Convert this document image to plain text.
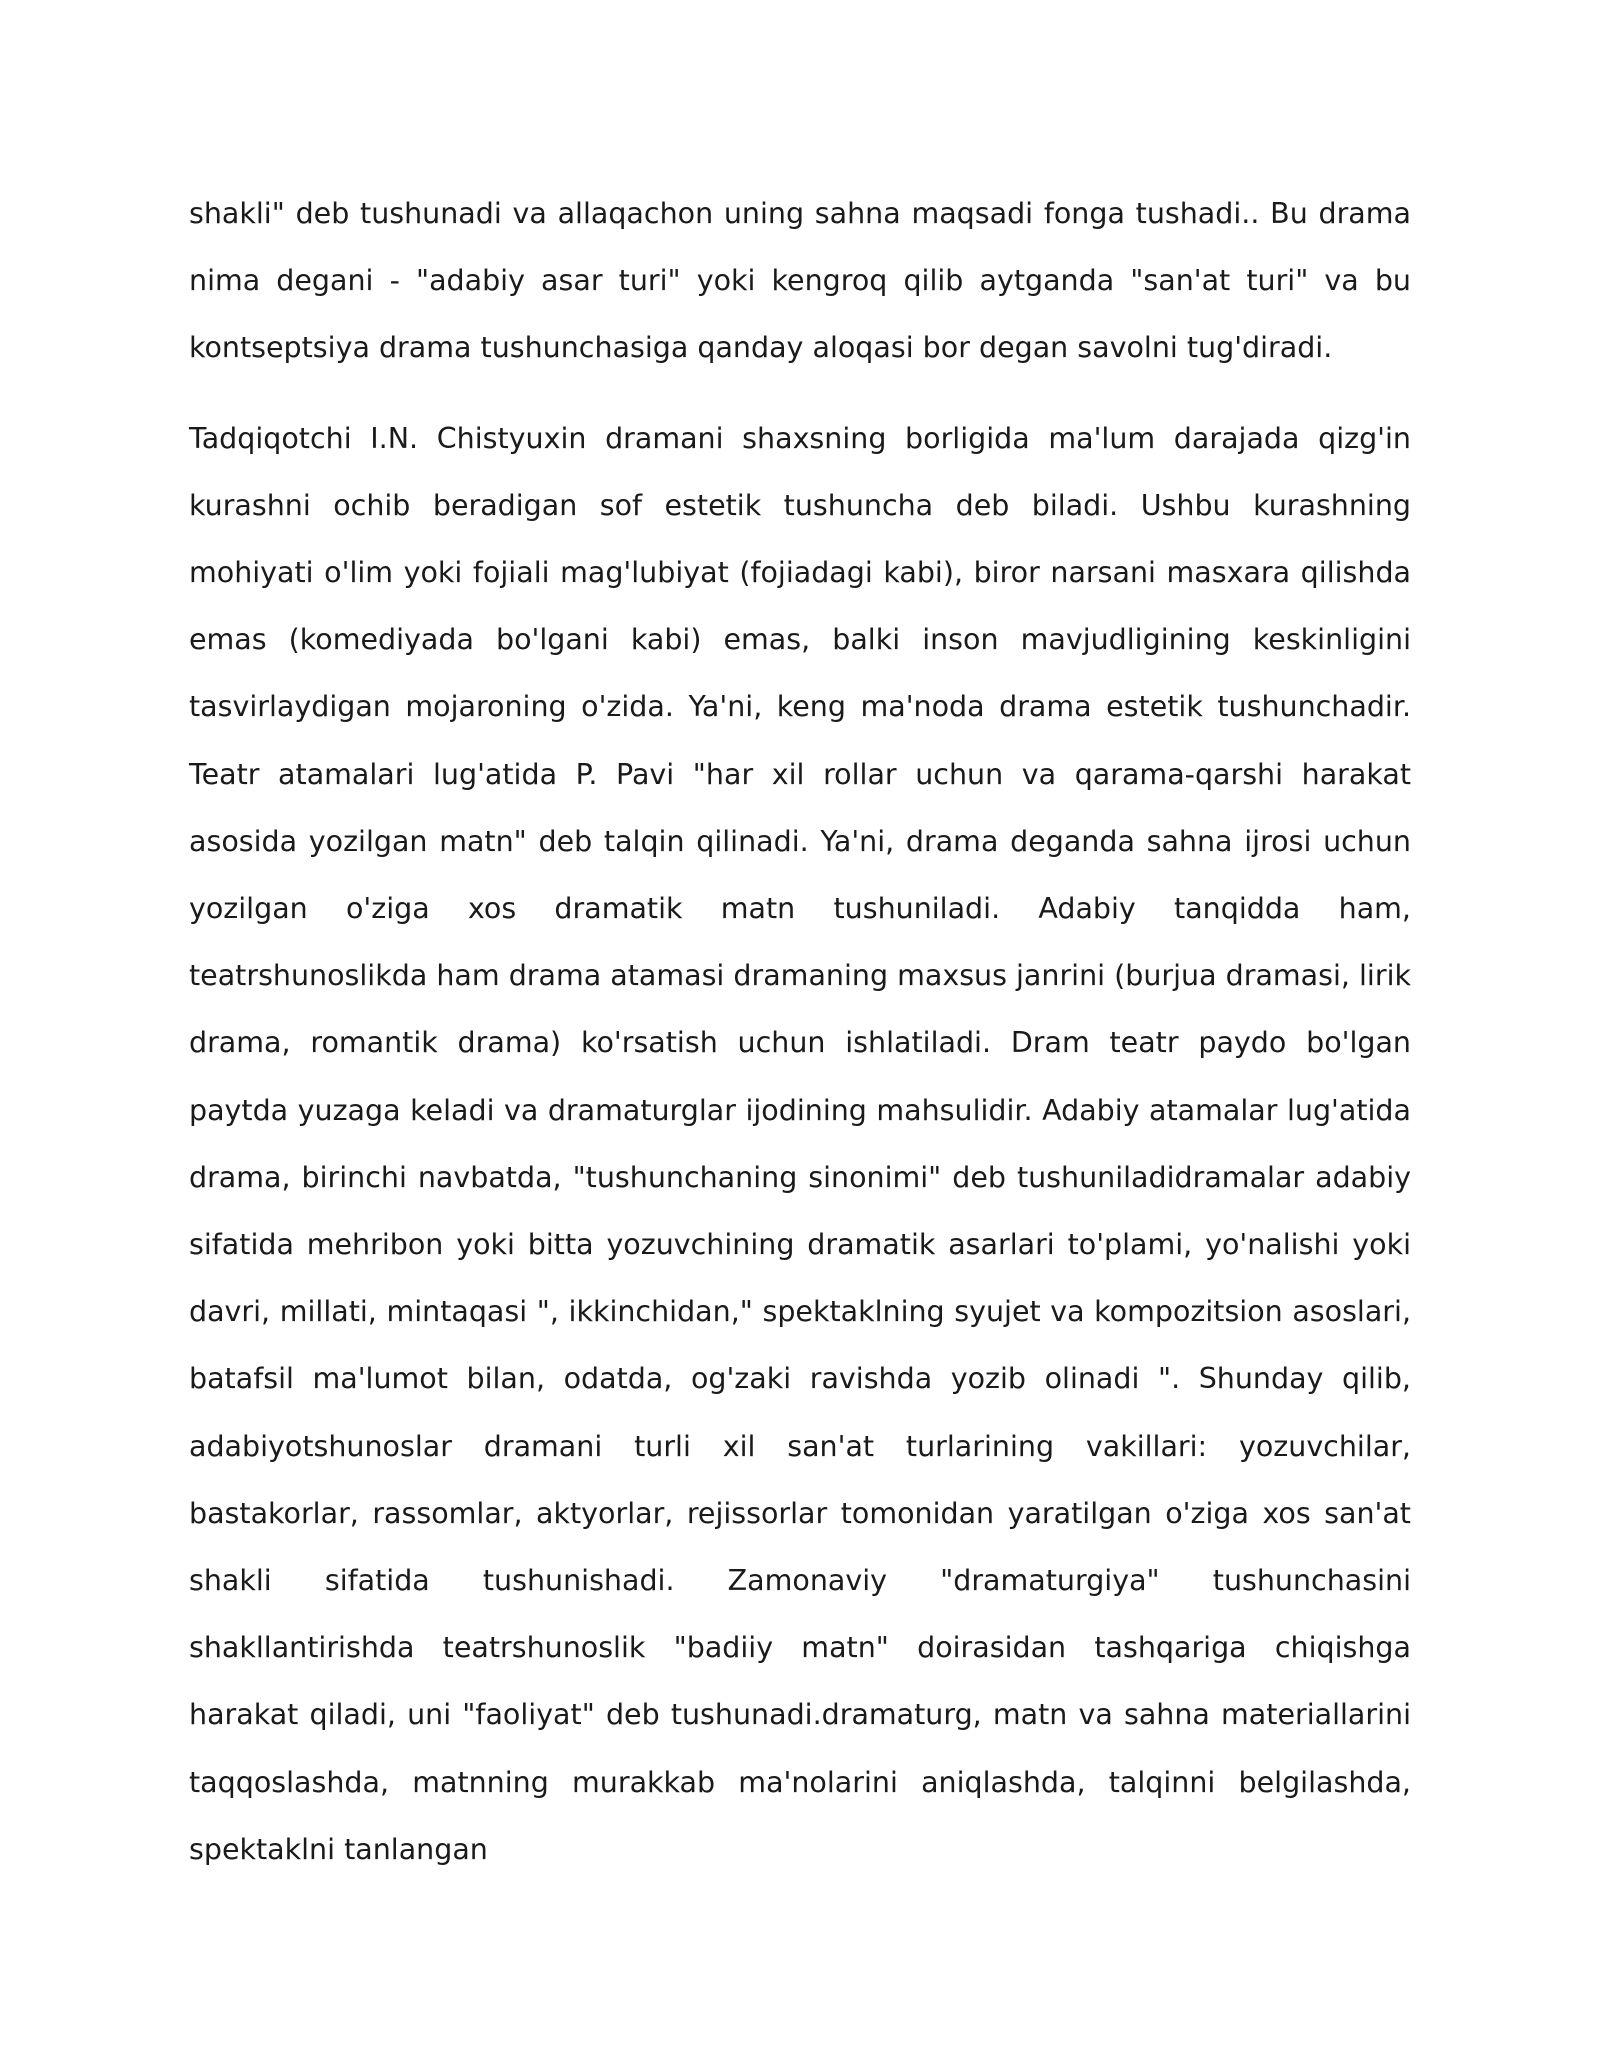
shakli" deb tushunadi va allaqachon uning sahna maqsadi fonga tushadi.. Bu drama nima degani - "adabiy asar turi" yoki kengroq qilib aytganda "san'at turi" va bu kontseptsiya drama tushunchasiga qanday aloqasi bor degan savolni tug'diradi.

Tadqiqotchi I.N. Chistyuxin dramani shaxsning borligida ma'lum darajada qizg'in kurashni ochib beradigan sof estetik tushuncha deb biladi. Ushbu kurashning mohiyati o'lim yoki fojiali mag'lubiyat (fojiadagi kabi), biror narsani masxara qilishda emas (komediyada bo'lgani kabi) emas, balki inson mavjudligining keskinligini tasvirlaydigan mojaroning o'zida. Ya'ni, keng ma'noda drama estetik tushunchadir. Teatr atamalari lug'atida P. Pavi "har xil rollar uchun va qarama-qarshi harakat asosida yozilgan matn" deb talqin qilinadi. Ya'ni, drama deganda sahna ijrosi uchun yozilgan o'ziga xos dramatik matn tushuniladi. Adabiy tanqidda ham, teatrshunoslikda ham drama atamasi dramaning maxsus janrini (burjua dramasi, lirik drama, romantik drama) ko'rsatish uchun ishlatiladi. Dram teatr paydo bo'lgan paytda yuzaga keladi va dramaturglar ijodining mahsulidir. Adabiy atamalar lug'atida drama, birinchi navbatda, "tushunchaning sinonimi" deb tushuniladidramalar adabiy sifatida mehribon yoki bitta yozuvchining dramatik asarlari to'plami, yo'nalishi yoki davri, millati, mintaqasi ", ikkinchidan," spektaklning syujet va kompozitsion asoslari, batafsil ma'lumot bilan, odatda, og'zaki ravishda yozib olinadi ". Shunday qilib, adabiyotshunoslar dramani turli xil san'at turlarining vakillari: yozuvchilar, bastakorlar, rassomlar, aktyorlar, rejissorlar tomonidan yaratilgan o'ziga xos san'at shakli sifatida tushunishadi. Zamonaviy "dramaturgiya" tushunchasini shakllantirishda teatrshunoslik "badiiy matn" doirasidan tashqariga chiqishga harakat qiladi, uni "faoliyat" deb tushunadi.dramaturg, matn va sahna materiallarini taqqoslashda, matnning murakkab ma'nolarini aniqlashda, talqinni belgilashda, spektaklni tanlangan
